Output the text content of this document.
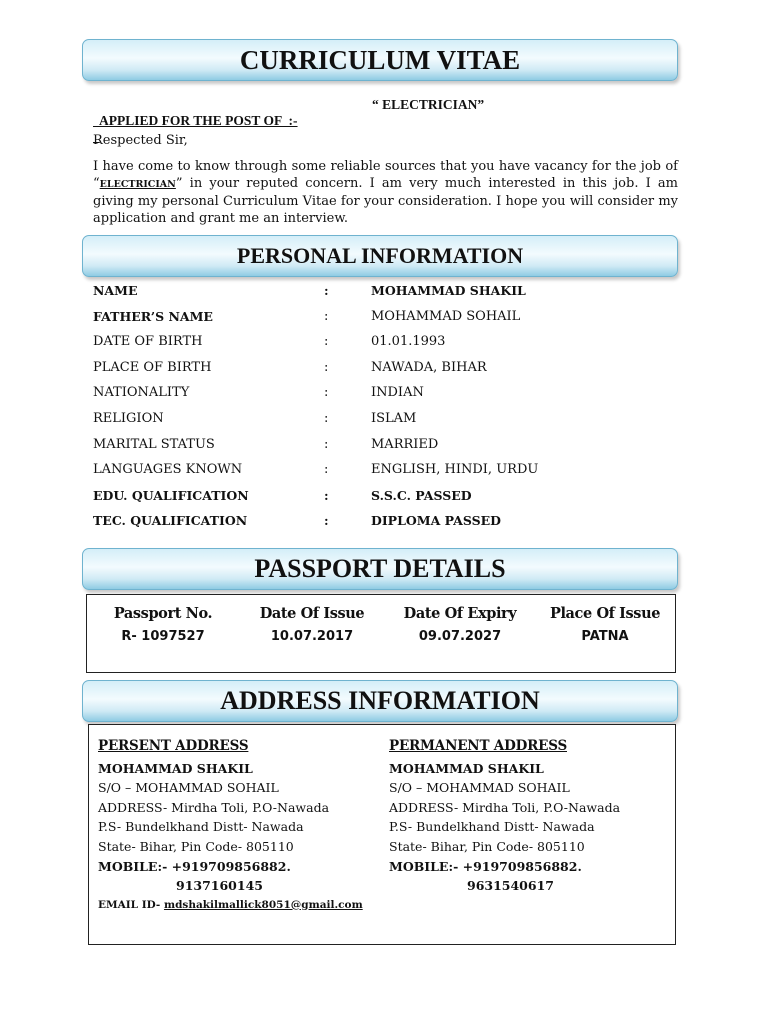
CURRICULUM VITAE

APPLIED FOR THE POST OF  :-

“ ELECTRICIAN”

Respected Sir,
I have come to know through some reliable sources that you have vacancy for the job of “ELECTRICIAN” in your reputed concern. I am very much interested in this job. I am giving my personal Curriculum Vitae for your consideration. I hope you will consider my application and grant me an interview.
PERSONAL INFORMATION
NAME	:	MOHAMMAD SHAKIL
FATHER’S NAME	:	MOHAMMAD SOHAIL
DATE OF BIRTH	:	01.01.1993
PLACE OF BIRTH	:	NAWADA, BIHAR
NATIONALITY	:	INDIAN
RELIGION	:	ISLAM
MARITAL STATUS	:	MARRIED
LANGUAGES KNOWN	:	ENGLISH, HINDI, URDU
EDU. QUALIFICATION	:	S.S.C. PASSED
TEC. QUALIFICATION	:	DIPLOMA PASSED
PASSPORT DETAILS
Passport No.	Date Of Issue	Date Of Expiry	Place Of Issue
R- 1097527	10.07.2017	09.07.2027	PATNA
ADDRESS INFORMATION
PERSENT ADDRESS
MOHAMMAD SHAKIL
S/O – MOHAMMAD SOHAIL
ADDRESS- Mirdha Toli, P.O-Nawada
P.S- Bundelkhand Distt- Nawada
State- Bihar, Pin Code- 805110
MOBILE:- +919709856882.
9137160145
EMAIL ID- mdshakilmallick8051@gmail.com
PERMANENT ADDRESS
MOHAMMAD SHAKIL
S/O – MOHAMMAD SOHAIL
ADDRESS- Mirdha Toli, P.O-Nawada
P.S- Bundelkhand Distt- Nawada
State- Bihar, Pin Code- 805110
MOBILE:- +919709856882.
9631540617
